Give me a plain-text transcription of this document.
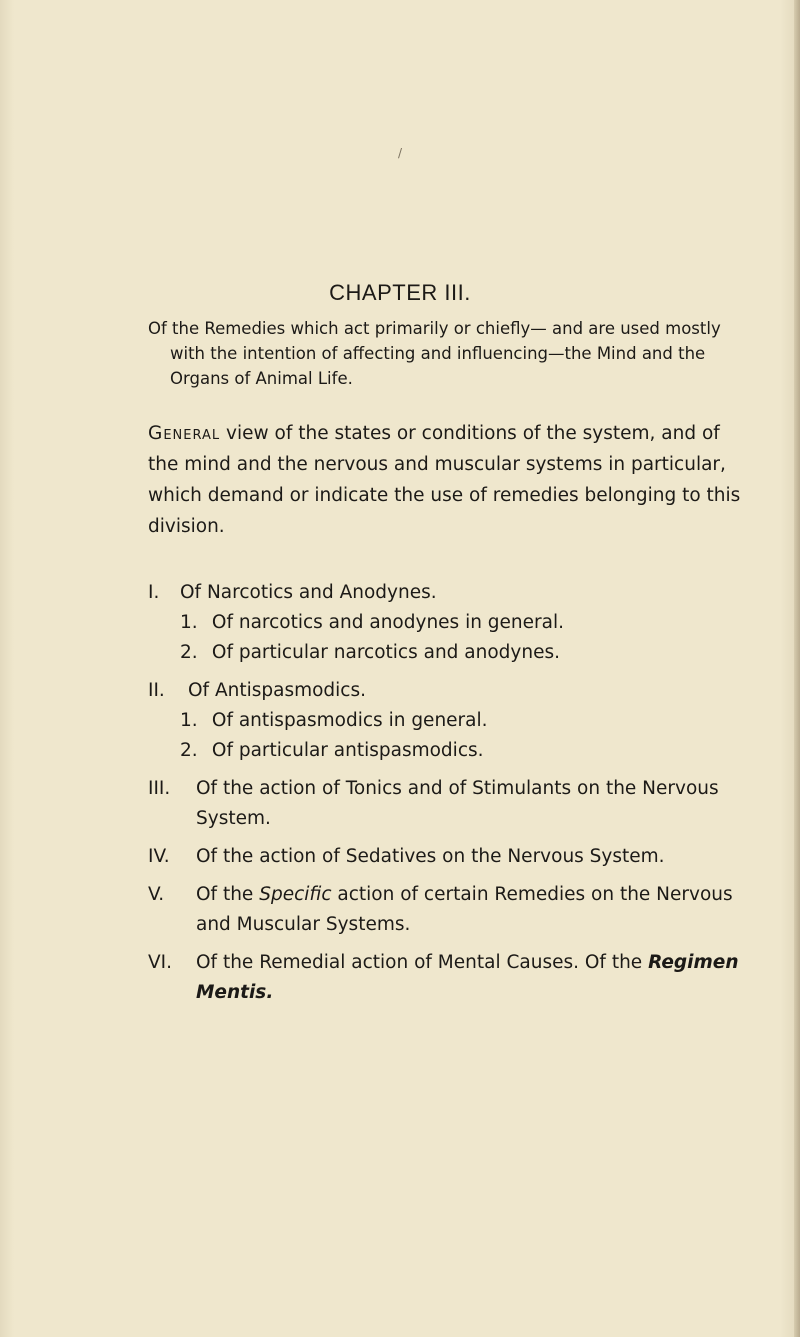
/
CHAPTER III.
Of the Remedies which act primarily or chiefly— and are used mostly
with the intention of affecting and influencing—the Mind and the
Organs of Animal Life.
General view of the states or conditions of the system, and of
the mind and the nervous and muscular systems in particular,
which demand or indicate the use of remedies belonging to this
division.
I. Of Narcotics and Anodynes.
1. Of narcotics and anodynes in general.
2. Of particular narcotics and anodynes.
II. Of Antispasmodics.
1. Of antispasmodics in general.
2. Of particular antispasmodics.
III. Of the action of Tonics and of Stimulants on the Nervous
System.
IV. Of the action of Sedatives on the Nervous System.
V. Of the Specific action of certain Remedies on the Nervous
and Muscular Systems.
VI. Of the Remedial action of Mental Causes. Of the Regimen
Mentis.
